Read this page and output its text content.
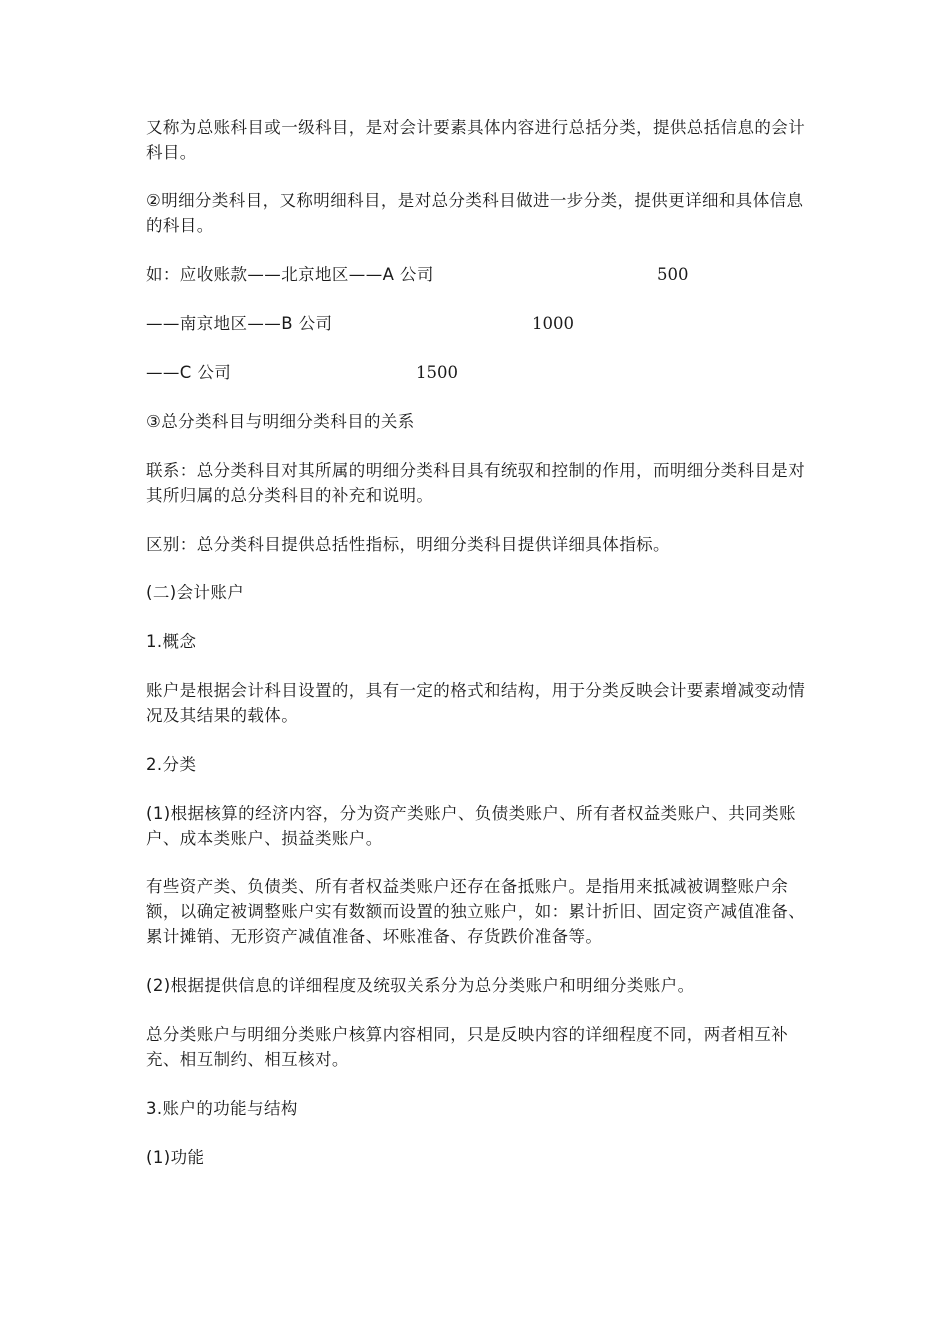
又称为总账科目或一级科目，是对会计要素具体内容进行总括分类，提供总括信息的会计科目。

②明细分类科目，又称明细科目，是对总分类科目做进一步分类，提供更详细和具体信息的科目。

如：应收账款——北京地区——A 公司	500
——南京地区——B 公司	1000
——C 公司	1500

③总分类科目与明细分类科目的关系

联系：总分类科目对其所属的明细分类科目具有统驭和控制的作用，而明细分类科目是对其所归属的总分类科目的补充和说明。

区别：总分类科目提供总括性指标，明细分类科目提供详细具体指标。

(二)会计账户

1.概念

账户是根据会计科目设置的，具有一定的格式和结构，用于分类反映会计要素增减变动情况及其结果的载体。

2.分类

(1)根据核算的经济内容，分为资产类账户、负债类账户、所有者权益类账户、共同类账户、成本类账户、损益类账户。

有些资产类、负债类、所有者权益类账户还存在备抵账户。是指用来抵减被调整账户余额，以确定被调整账户实有数额而设置的独立账户，如：累计折旧、固定资产减值准备、累计摊销、无形资产减值准备、坏账准备、存货跌价准备等。

(2)根据提供信息的详细程度及统驭关系分为总分类账户和明细分类账户。

总分类账户与明细分类账户核算内容相同，只是反映内容的详细程度不同，两者相互补充、相互制约、相互核对。

3.账户的功能与结构

(1)功能
